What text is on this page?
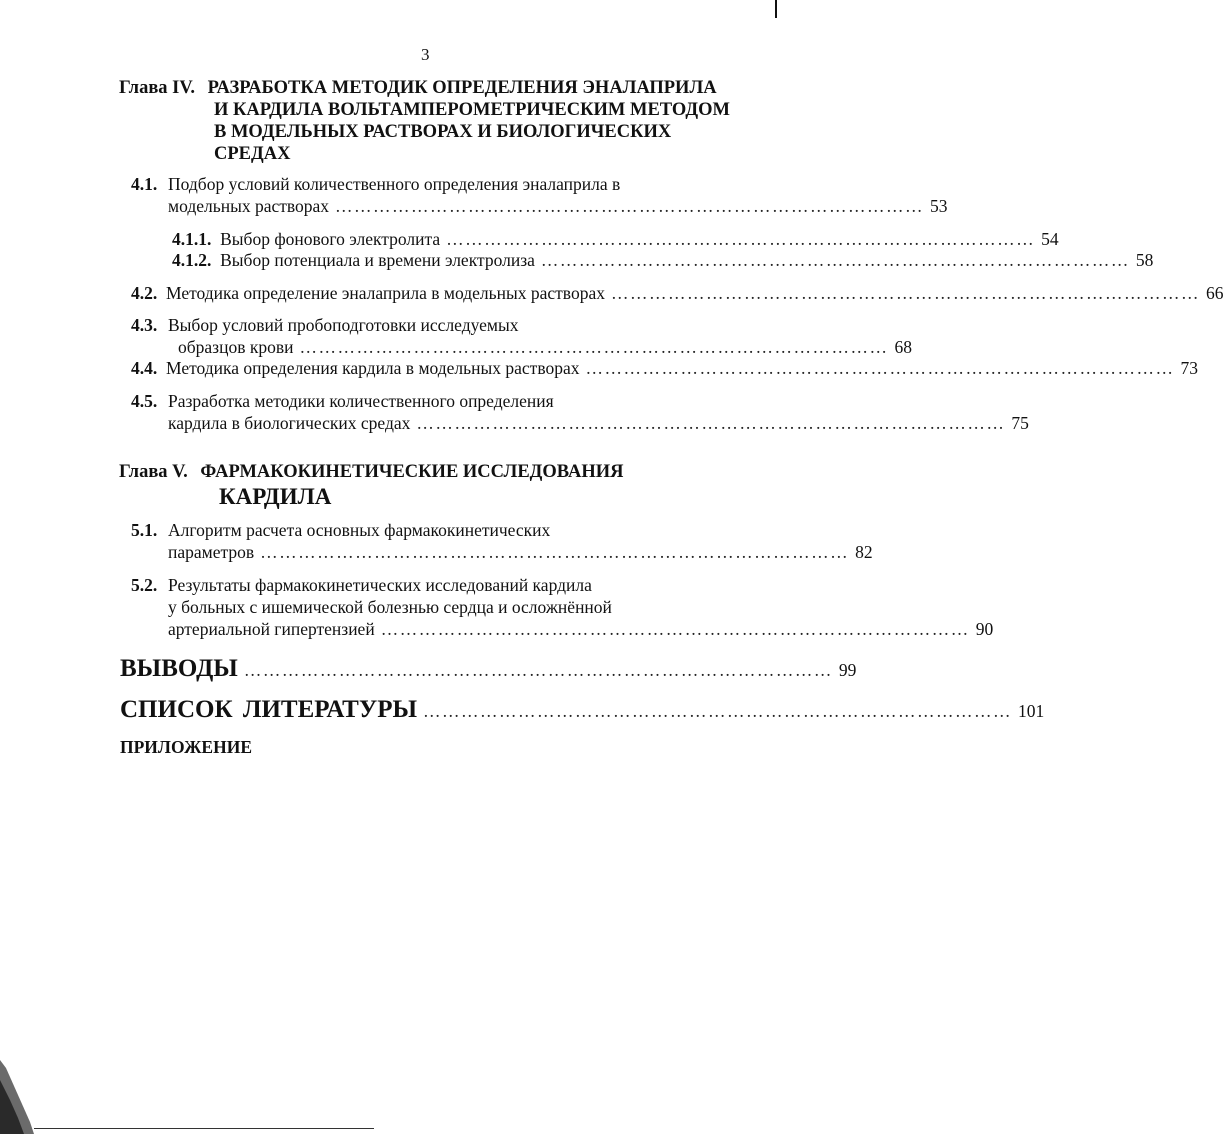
3
Глава IV. РАЗРАБОТКА МЕТОДИК ОПРЕДЕЛЕНИЯ ЭНАЛАПРИЛА
И КАРДИЛА ВОЛЬТАМПЕРОМЕТРИЧЕСКИМ МЕТОДОМ
В МОДЕЛЬНЫХ РАСТВОРАХ И БИОЛОГИЧЕСКИХ
СРЕДАХ
4.1. Подбор условий количественного определения эналаприла в
модельных растворах ………………………………………………………………………………… 53
4.1.1. Выбор фонового электролита ………………………………………………………………………………… 54
4.1.2. Выбор потенциала и времени электролиза ………………………………………………………………………………… 58
4.2. Методика определение эналаприла в модельных растворах ………………………………………………………………………………… 66
4.3. Выбор условий пробоподготовки исследуемых
образцов крови ………………………………………………………………………………… 68
4.4. Методика определения кардила в модельных растворах ………………………………………………………………………………… 73
4.5. Разработка методики количественного определения
кардила в биологических средах ………………………………………………………………………………… 75
Глава V. ФАРМАКОКИНЕТИЧЕСКИЕ ИССЛЕДОВАНИЯ
КАРДИЛА
5.1. Алгоритм расчета основных фармакокинетических
параметров ………………………………………………………………………………… 82
5.2. Результаты фармакокинетических исследований кардила
у больных с ишемической болезнью сердца и осложнённой
артериальной гипертензией ………………………………………………………………………………… 90
ВЫВОДЫ ………………………………………………………………………………… 99
СПИСОК ЛИТЕРАТУРЫ ………………………………………………………………………………… 101
ПРИЛОЖЕНИЕ
